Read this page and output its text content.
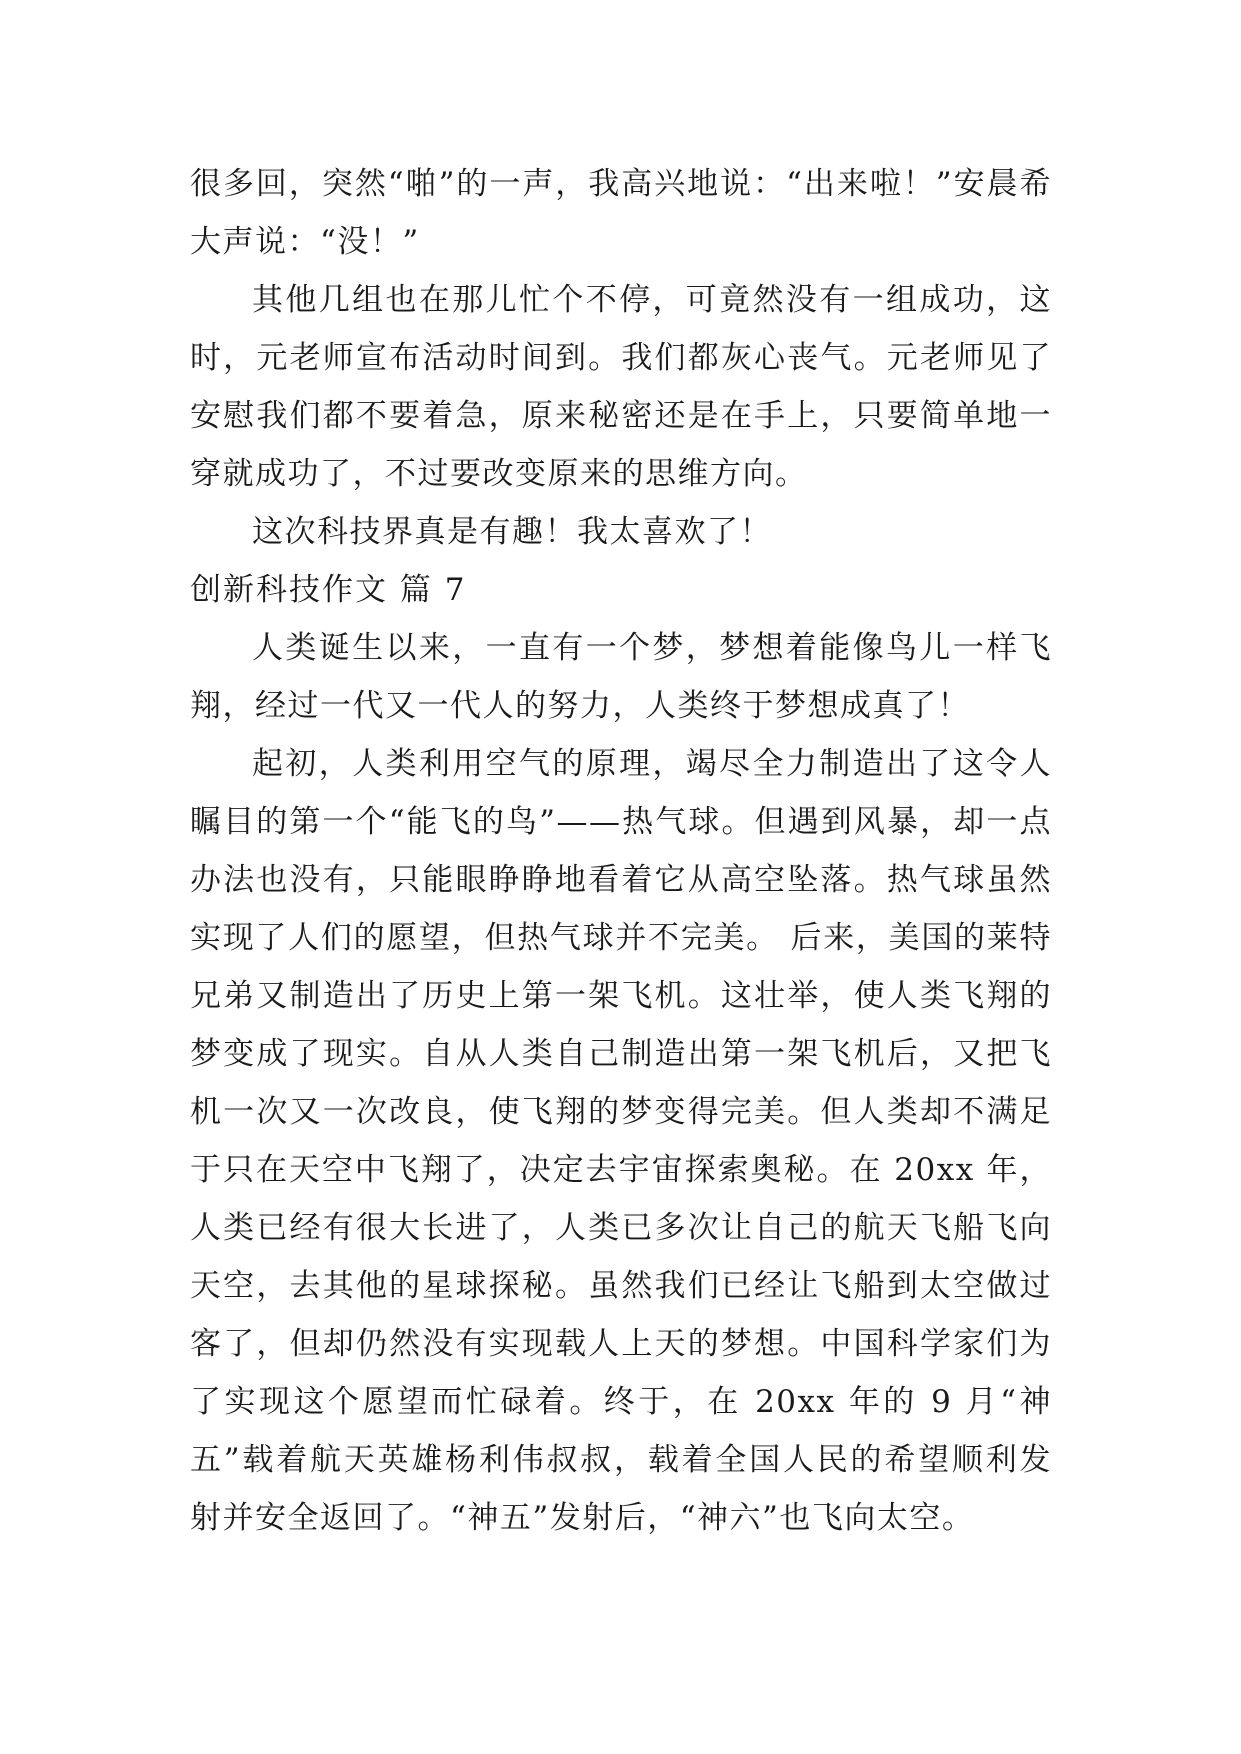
很多回，突然“啪”的一声，我高兴地说：“出来啦！”安晨希大声说：“没！”

其他几组也在那儿忙个不停，可竟然没有一组成功，这时，元老师宣布活动时间到。我们都灰心丧气。元老师见了安慰我们都不要着急，原来秘密还是在手上，只要简单地一穿就成功了，不过要改变原来的思维方向。

这次科技界真是有趣！我太喜欢了！

创新科技作文 篇 7

人类诞生以来，一直有一个梦，梦想着能像鸟儿一样飞翔，经过一代又一代人的努力，人类终于梦想成真了！

起初，人类利用空气的原理，竭尽全力制造出了这令人瞩目的第一个“能飞的鸟”——热气球。但遇到风暴，却一点办法也没有，只能眼睁睁地看着它从高空坠落。热气球虽然实现了人们的愿望，但热气球并不完美。 后来，美国的莱特兄弟又制造出了历史上第一架飞机。这壮举，使人类飞翔的梦变成了现实。自从人类自己制造出第一架飞机后，又把飞机一次又一次改良，使飞翔的梦变得完美。但人类却不满足于只在天空中飞翔了，决定去宇宙探索奥秘。在 20xx 年，人类已经有很大长进了，人类已多次让自己的航天飞船飞向天空，去其他的星球探秘。虽然我们已经让飞船到太空做过客了，但却仍然没有实现载人上天的梦想。中国科学家们为了实现这个愿望而忙碌着。终于，在 20xx 年的 9 月“神五”载着航天英雄杨利伟叔叔，载着全国人民的希望顺利发射并安全返回了。“神五”发射后，“神六”也飞向太空。
